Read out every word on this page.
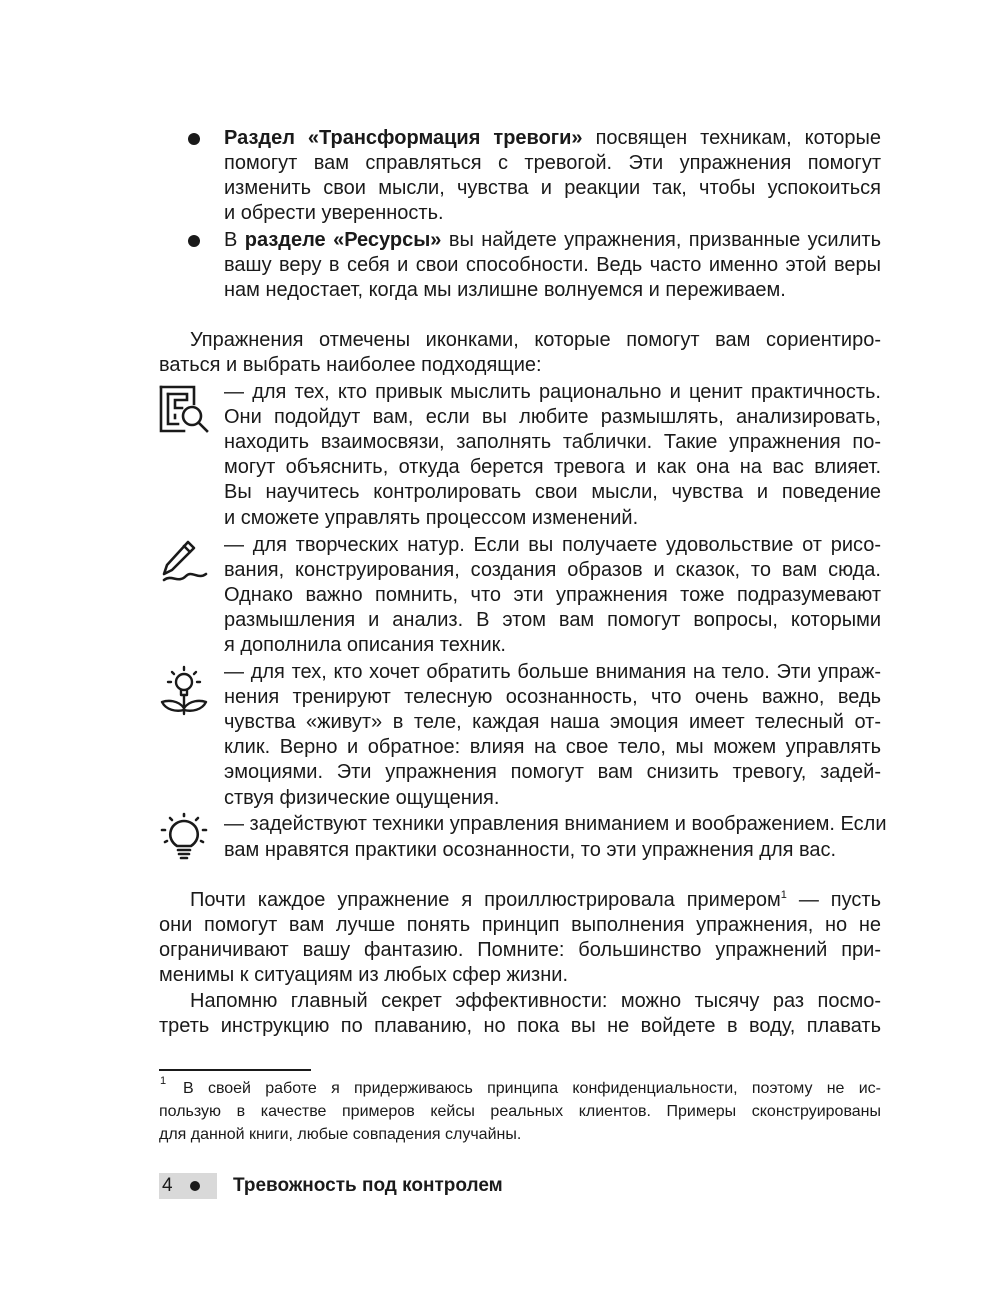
Раздел «Трансформация тревоги» посвящен техникам, которые
помогут вам справляться с тревогой. Эти упражнения помогут
изменить свои мысли, чувства и реакции так, чтобы успокоиться
и обрести уверенность.
В разделе «Ресурсы» вы найдете упражнения, призванные усилить
вашу веру в себя и свои способности. Ведь часто именно этой веры
нам недостает, когда мы излишне волнуемся и переживаем.
Упражнения отмечены иконками, которые помогут вам сориентиро-
ваться и выбрать наиболее подходящие:
— для тех, кто привык мыслить рационально и ценит практичность.
Они подойдут вам, если вы любите размышлять, анализировать,
находить взаимосвязи, заполнять таблички. Такие упражнения по-
могут объяснить, откуда берется тревога и как она на вас влияет.
Вы научитесь контролировать свои мысли, чувства и поведение
и сможете управлять процессом изменений.
— для творческих натур. Если вы получаете удовольствие от рисо-
вания, конструирования, создания образов и сказок, то вам сюда.
Однако важно помнить, что эти упражнения тоже подразумевают
размышления и анализ. В этом вам помогут вопросы, которыми
я дополнила описания техник.
— для тех, кто хочет обратить больше внимания на тело. Эти упраж-
нения тренируют телесную осознанность, что очень важно, ведь
чувства «живут» в теле, каждая наша эмоция имеет телесный от-
клик. Верно и обратное: влияя на свое тело, мы можем управлять
эмоциями. Эти упражнения помогут вам снизить тревогу, задей-
ствуя физические ощущения.
— задействуют техники управления вниманием и воображением. Если
вам нравятся практики осознанности, то эти упражнения для вас.
Почти каждое упражнение я проиллюстрировала примером$^1$ — пусть
они помогут вам лучше понять принцип выполнения упражнения, но не
ограничивают вашу фантазию. Помните: большинство упражнений при-
менимы к ситуациям из любых сфер жизни.
Напомню главный секрет эффективности: можно тысячу раз посмо-
треть инструкцию по плаванию, но пока вы не войдете в воду, плавать
1 В своей работе я придерживаюсь принципа конфиденциальности, поэтому не ис-
пользую в качестве примеров кейсы реальных клиентов. Примеры сконструированы
для данной книги, любые совпадения случайны.
4	Тревожность под контролем
